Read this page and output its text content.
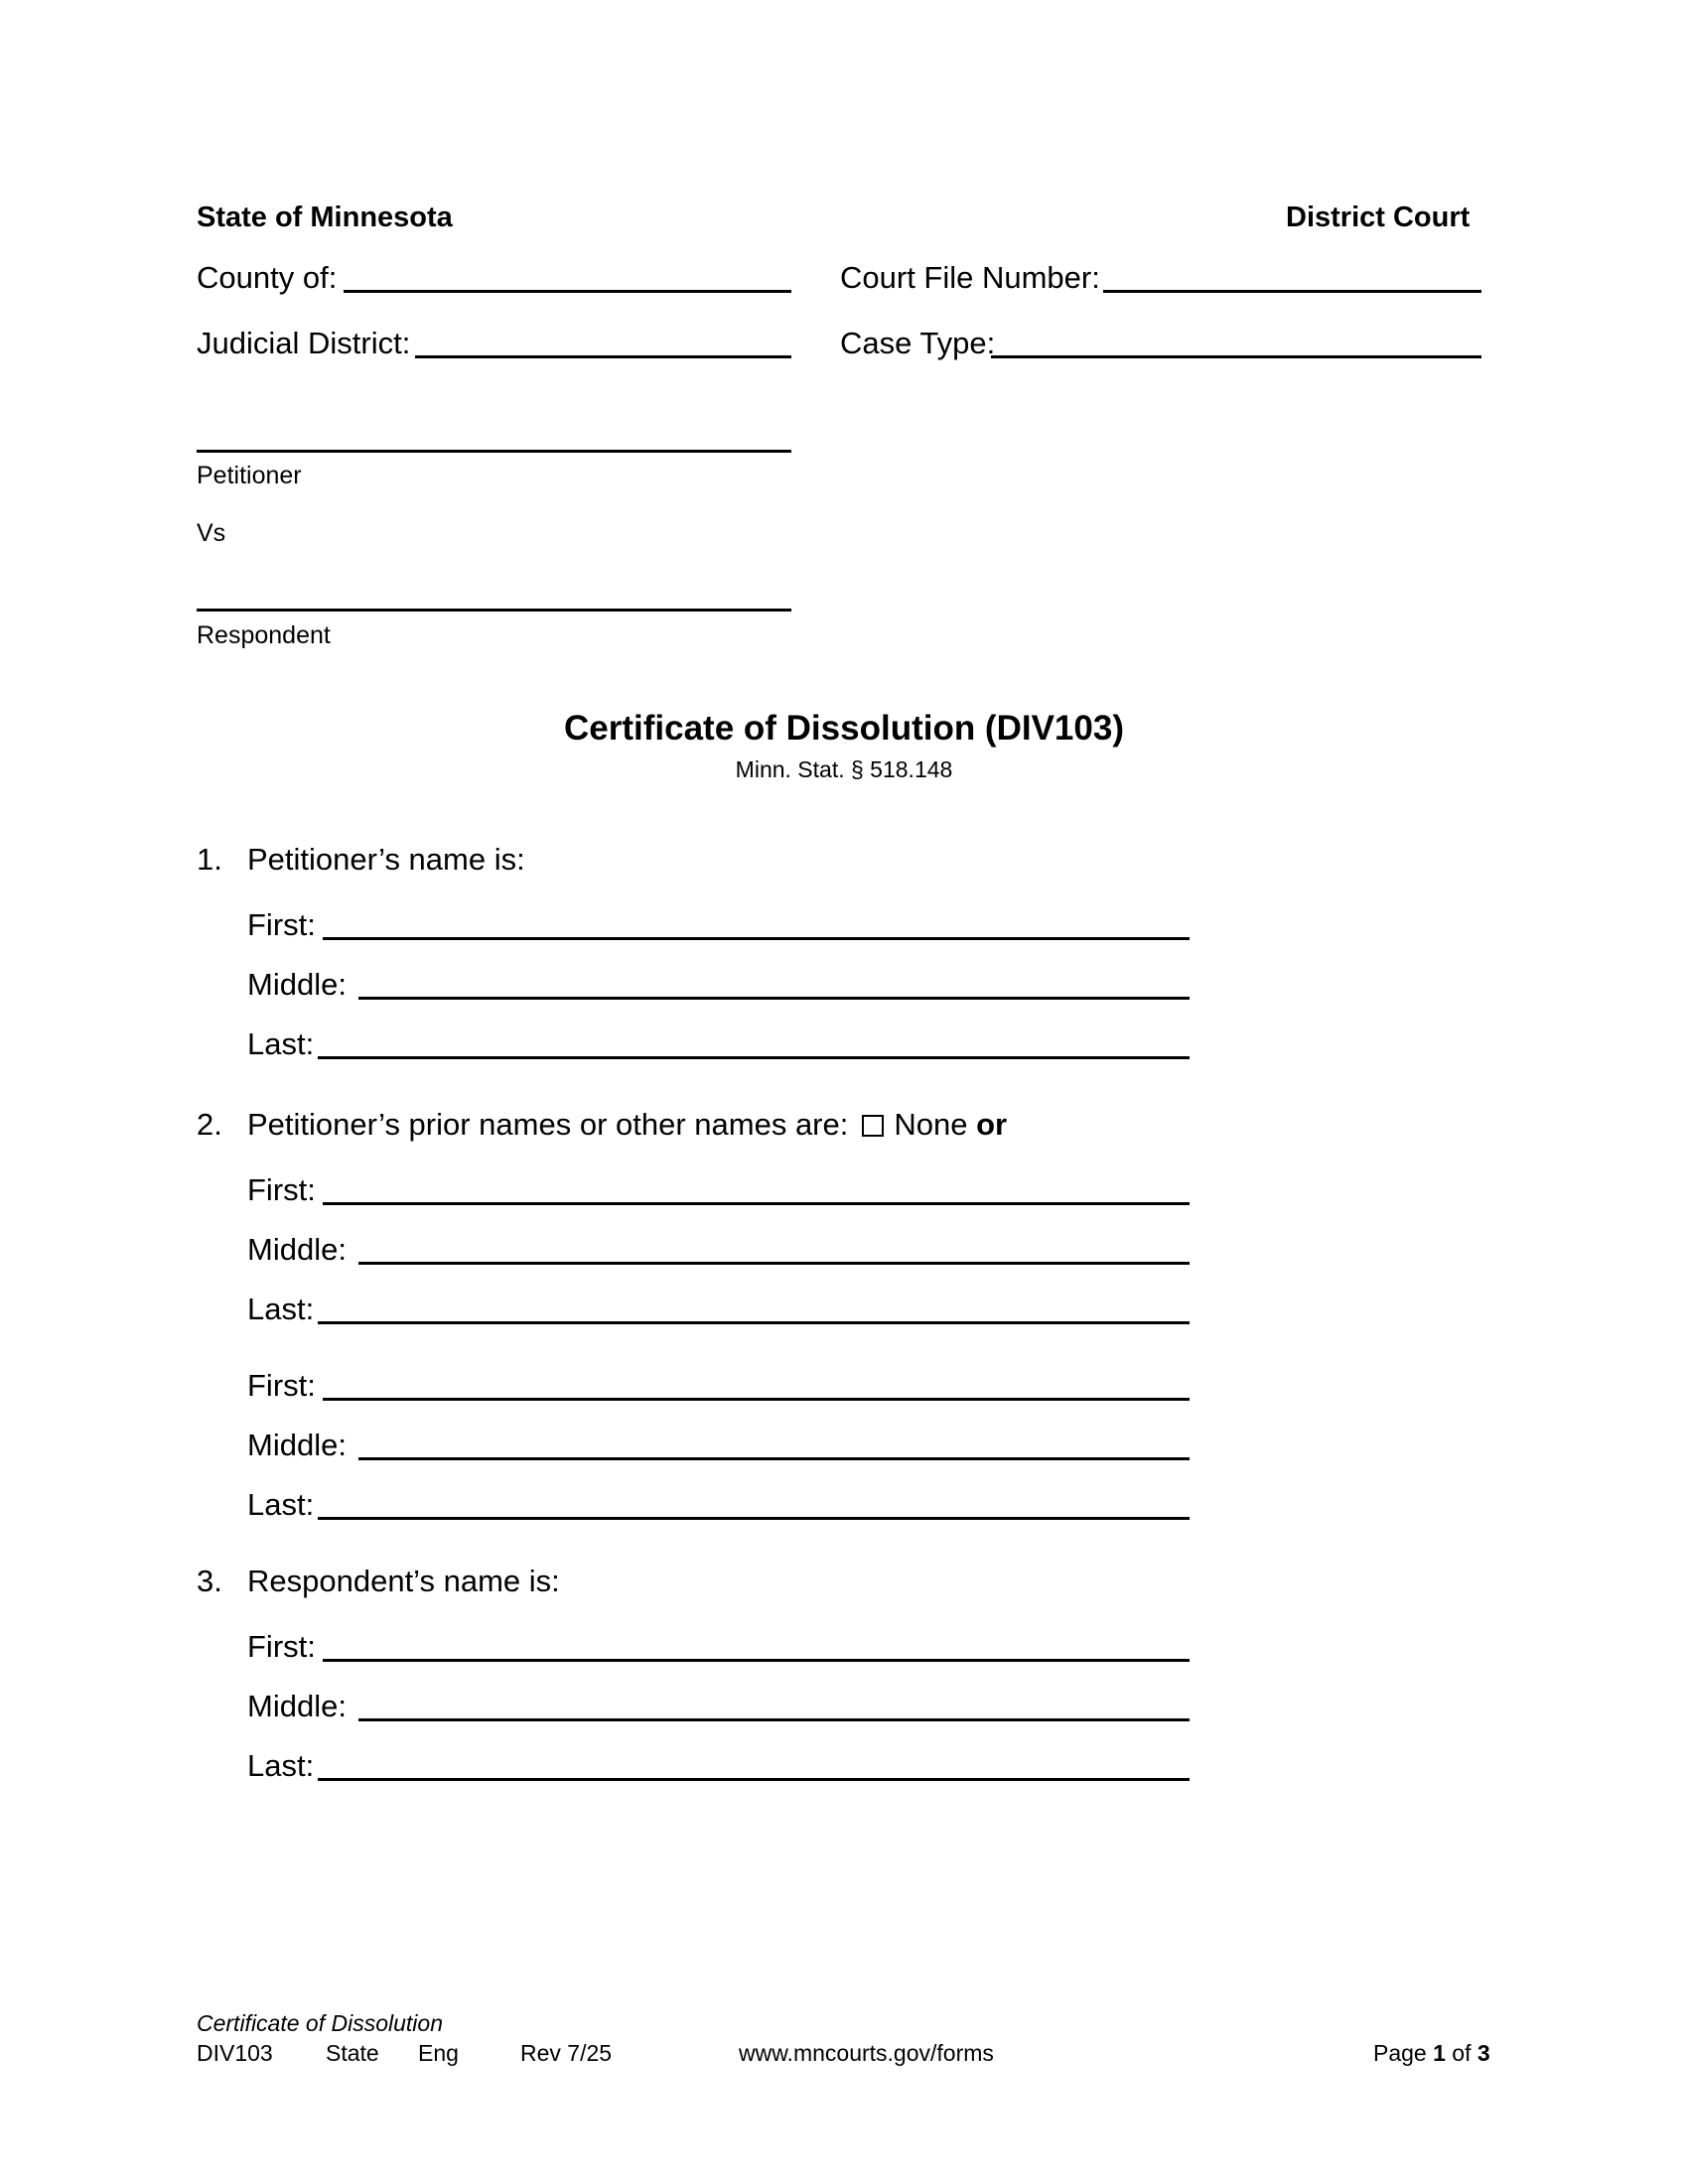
State of Minnesota	District Court
County of:	Court File Number:
Judicial District:	Case Type:
Petitioner
Vs
Respondent
Certificate of Dissolution (DIV103)
Minn. Stat. § 518.148
1. Petitioner’s name is:
First:
Middle:
Last:
2. Petitioner’s prior names or other names are: None or
First:
Middle:
Last:
First:
Middle:
Last:
3. Respondent’s name is:
First:
Middle:
Last:
Certificate of Dissolution
DIV103 State Eng	Rev 7/25	www.mncourts.gov/forms	Page 1 of 3
